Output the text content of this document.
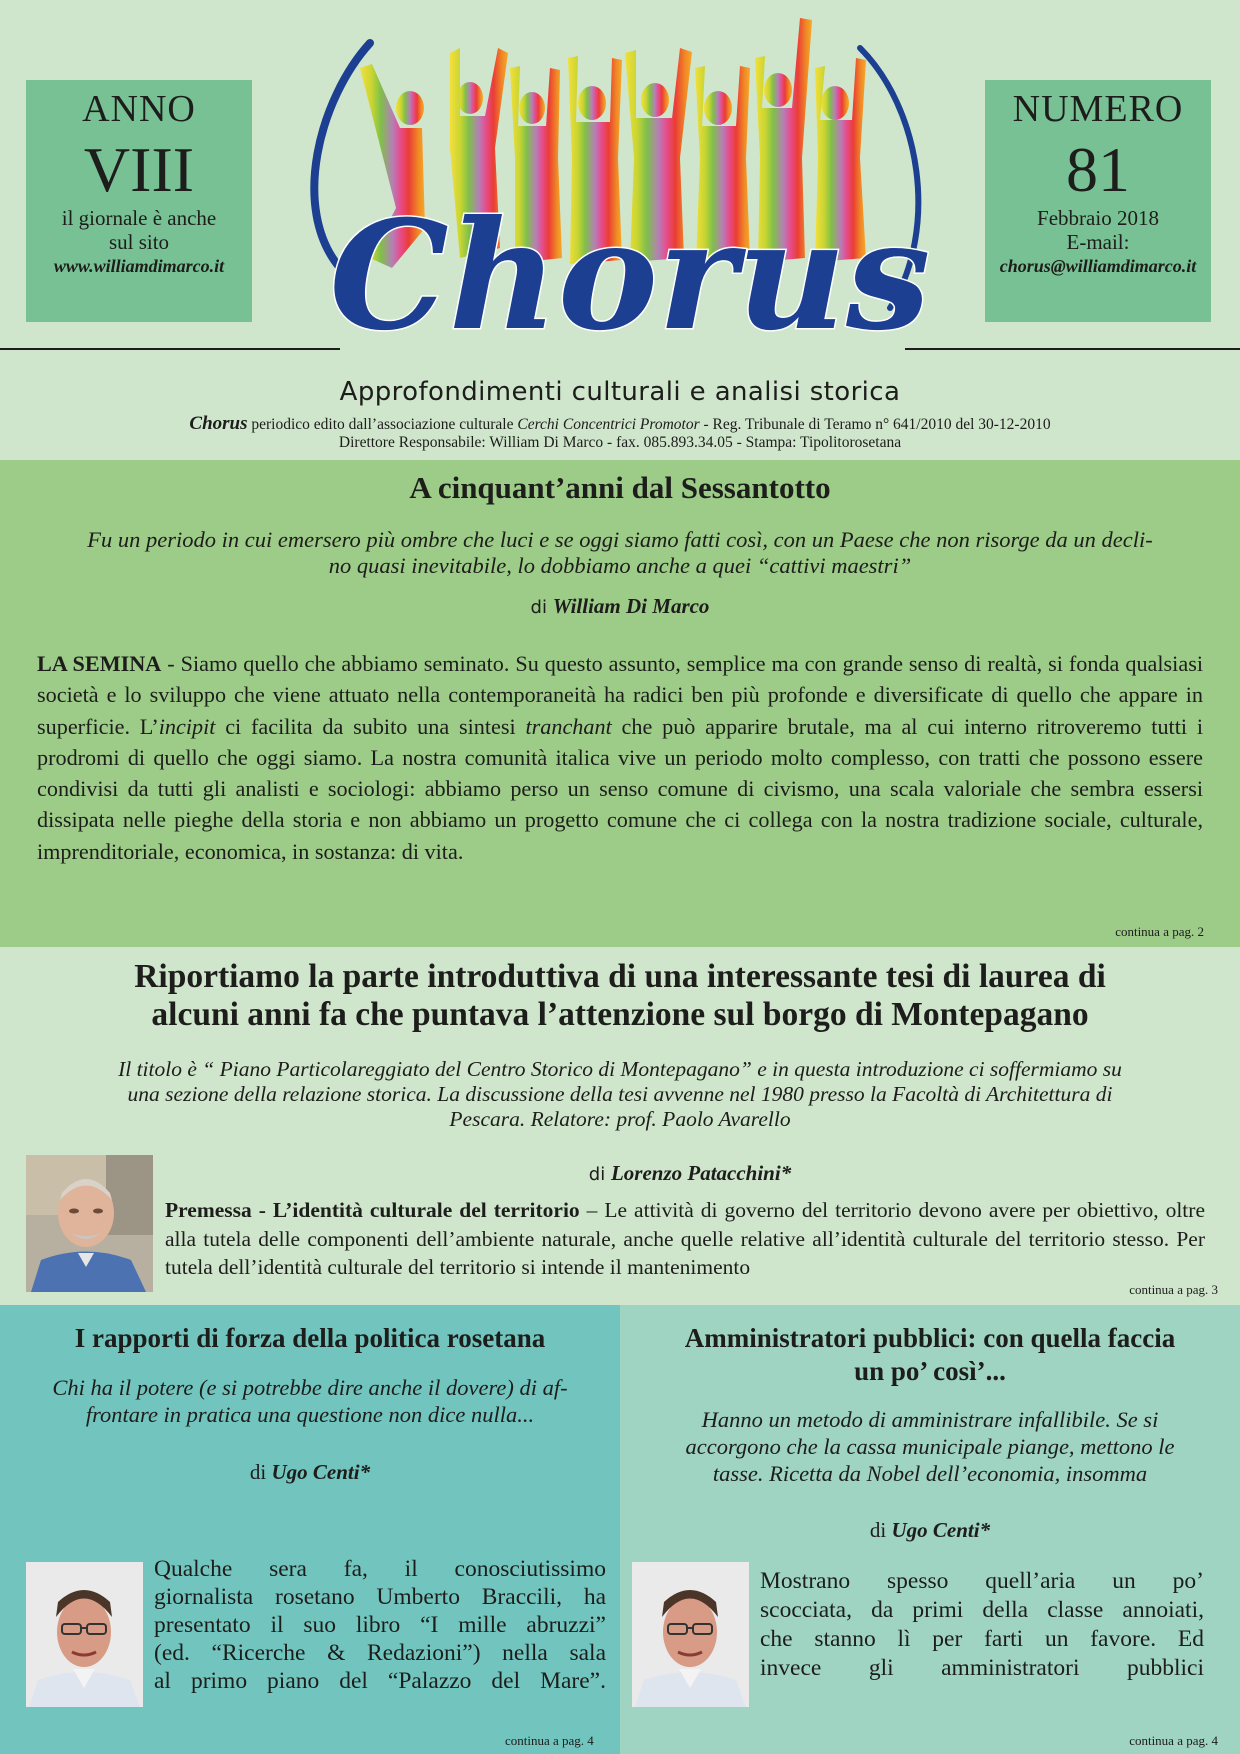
ANNO
VIII
il giornale è anche
sul sito
www.williamdimarco.it
NUMERO
81
Febbraio 2018
E-mail:
chorus@williamdimarco.it
Chorus
Approfondimenti culturali e analisi storica
Chorus periodico edito dall’associazione culturale Cerchi Concentrici Promotor - Reg. Tribunale di Teramo n° 641/2010 del 30-12-2010
Direttore Responsabile: William Di Marco - fax. 085.893.34.05 - Stampa: Tipolitorosetana
A cinquant’anni dal Sessantotto
Fu un periodo in cui emersero più ombre che luci e se oggi siamo fatti così, con un Paese che non risorge da un decli-
no quasi inevitabile, lo dobbiamo anche a quei “cattivi maestri”
di William Di Marco
LA SEMINA - Siamo quello che abbiamo seminato. Su questo assunto, semplice ma con grande senso di realtà, si fonda qualsiasi società e lo sviluppo che viene attuato nella contemporaneità ha radici ben più profonde e diversificate di quello che appare in superficie. L’incipit ci facilita da subito una sintesi tranchant che può apparire brutale, ma al cui interno ritroveremo tutti i prodromi di quello che oggi siamo. La nostra comunità italica vive un periodo molto complesso, con tratti che possono essere condivisi da tutti gli analisti e sociologi: abbiamo perso un senso comune di civismo, una scala valoriale che sembra essersi dissipata nelle pieghe della storia e non abbiamo un progetto comune che ci collega con la nostra tradizione sociale, culturale, imprenditoriale, economica, in sostanza: di vita.
continua a pag. 2
Riportiamo la parte introduttiva di una interessante tesi di laurea di
alcuni anni fa che puntava l’attenzione sul borgo di Montepagano
Il titolo è “ Piano Particolareggiato del Centro Storico di Montepagano” e in questa introduzione ci soffermiamo su
una sezione della relazione storica. La discussione della tesi avvenne nel 1980 presso la Facoltà di Architettura di
Pescara. Relatore: prof. Paolo Avarello
di Lorenzo Patacchini*
Premessa - L’identità culturale del territorio – Le attività di governo del territorio devono avere per obiettivo, oltre alla tutela delle componenti dell’ambiente naturale, anche quelle relative all’identità culturale del territorio stesso. Per tutela dell’identità culturale del territorio si intende il mantenimento
continua a pag. 3
I rapporti di forza della politica rosetana
Chi ha il potere (e si potrebbe dire anche il dovere) di af-
frontare in pratica una questione non dice nulla...
di Ugo Centi*
Qualche sera fa, il conosciutissimo
giornalista rosetano Umberto Braccili, ha
presentato il suo libro “I mille abruzzi”
(ed. “Ricerche & Redazioni”) nella sala
al primo piano del “Palazzo del Mare”.
continua a pag. 4
Amministratori pubblici: con quella faccia
un po’ così’...
Hanno un metodo di amministrare infallibile. Se si
accorgono che la cassa municipale piange, mettono le
tasse. Ricetta da Nobel dell’economia, insomma
di Ugo Centi*
Mostrano spesso quell’aria un po’
scocciata, da primi della classe annoiati,
che stanno lì per farti un favore. Ed
invece gli amministratori pubblici
continua a pag. 4
